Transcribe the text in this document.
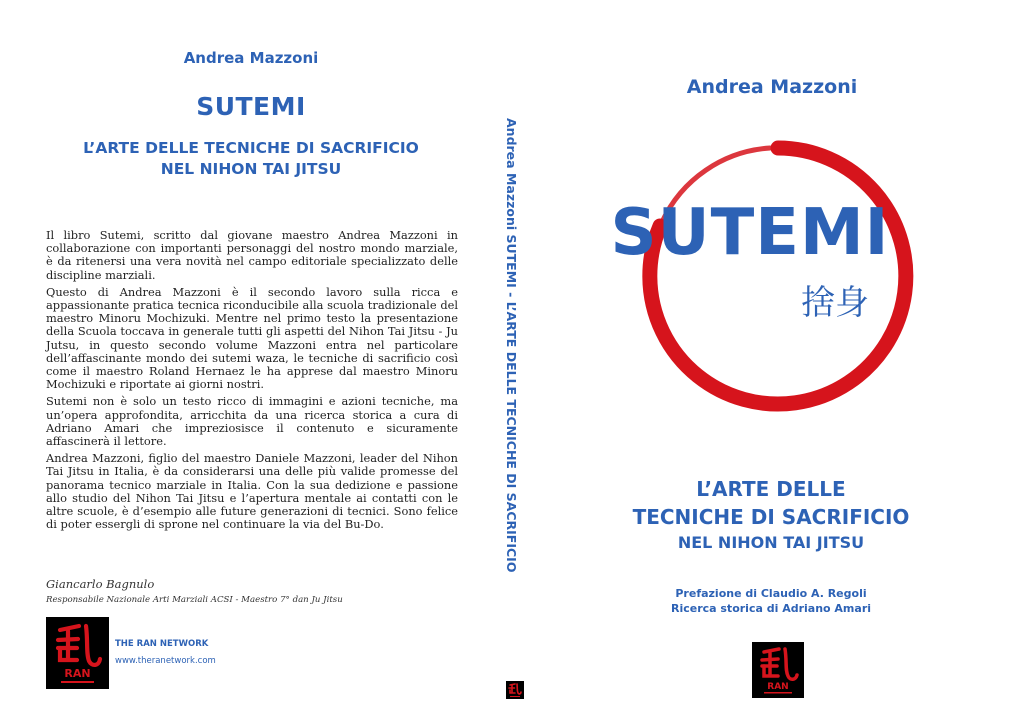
Andrea Mazzoni
SUTEMI
L’ARTE DELLE TECNICHE DI SACRIFICIO
NEL NIHON TAI JITSU

Il libro Sutemi, scritto dal giovane maestro Andrea Mazzoni in collaborazione con importanti personaggi del nostro mondo marziale, è da ritenersi una vera novità nel campo editoriale specializzato delle discipline marziali.

Questo di Andrea Mazzoni è il secondo lavoro sulla ricca e appassionante pratica tecnica riconducibile alla scuola tradizionale del maestro Minoru Mochizuki. Mentre nel primo testo la presentazione della Scuola toccava in generale tutti gli aspetti del Nihon Tai Jitsu - Ju Jutsu, in questo secondo volume Mazzoni entra nel particolare dell’affascinante mondo dei sutemi waza, le tecniche di sacrificio così come il maestro Roland Hernaez le ha apprese dal maestro Minoru Mochizuki e riportate ai giorni nostri.

Sutemi non è solo un testo ricco di immagini e azioni tecniche, ma un’opera approfondita, arricchita da una ricerca storica a cura di Adriano Amari che impreziosisce il contenuto e sicuramente affascinerà il lettore.

Andrea Mazzoni, figlio del maestro Daniele Mazzoni, leader del Nihon Tai Jitsu in Italia, è da considerarsi una delle più valide promesse del panorama tecnico marziale in Italia. Con la sua dedizione e passione allo studio del Nihon Tai Jitsu e l’apertura mentale ai contatti con le altre scuole, è d’esempio alle future generazioni di tecnici. Sono felice di poter essergli di sprone nel continuare la via del Bu-Do.

Giancarlo Bagnulo
Responsabile Nazionale Arti Marziali ACSI - Maestro 7° dan Ju Jitsu
RAN
THE RAN NETWORK
www.theranetwork.com
Andrea Mazzoni SUTEMI - L’ARTE DELLE TECNICHE DI SACRIFICIO
Andrea Mazzoni
SUTEMI
捨身
L’ARTE DELLE
TECNICHE DI SACRIFICIO
NEL NIHON TAI JITSU
Prefazione di Claudio A. Regoli
Ricerca storica di Adriano Amari
RAN
